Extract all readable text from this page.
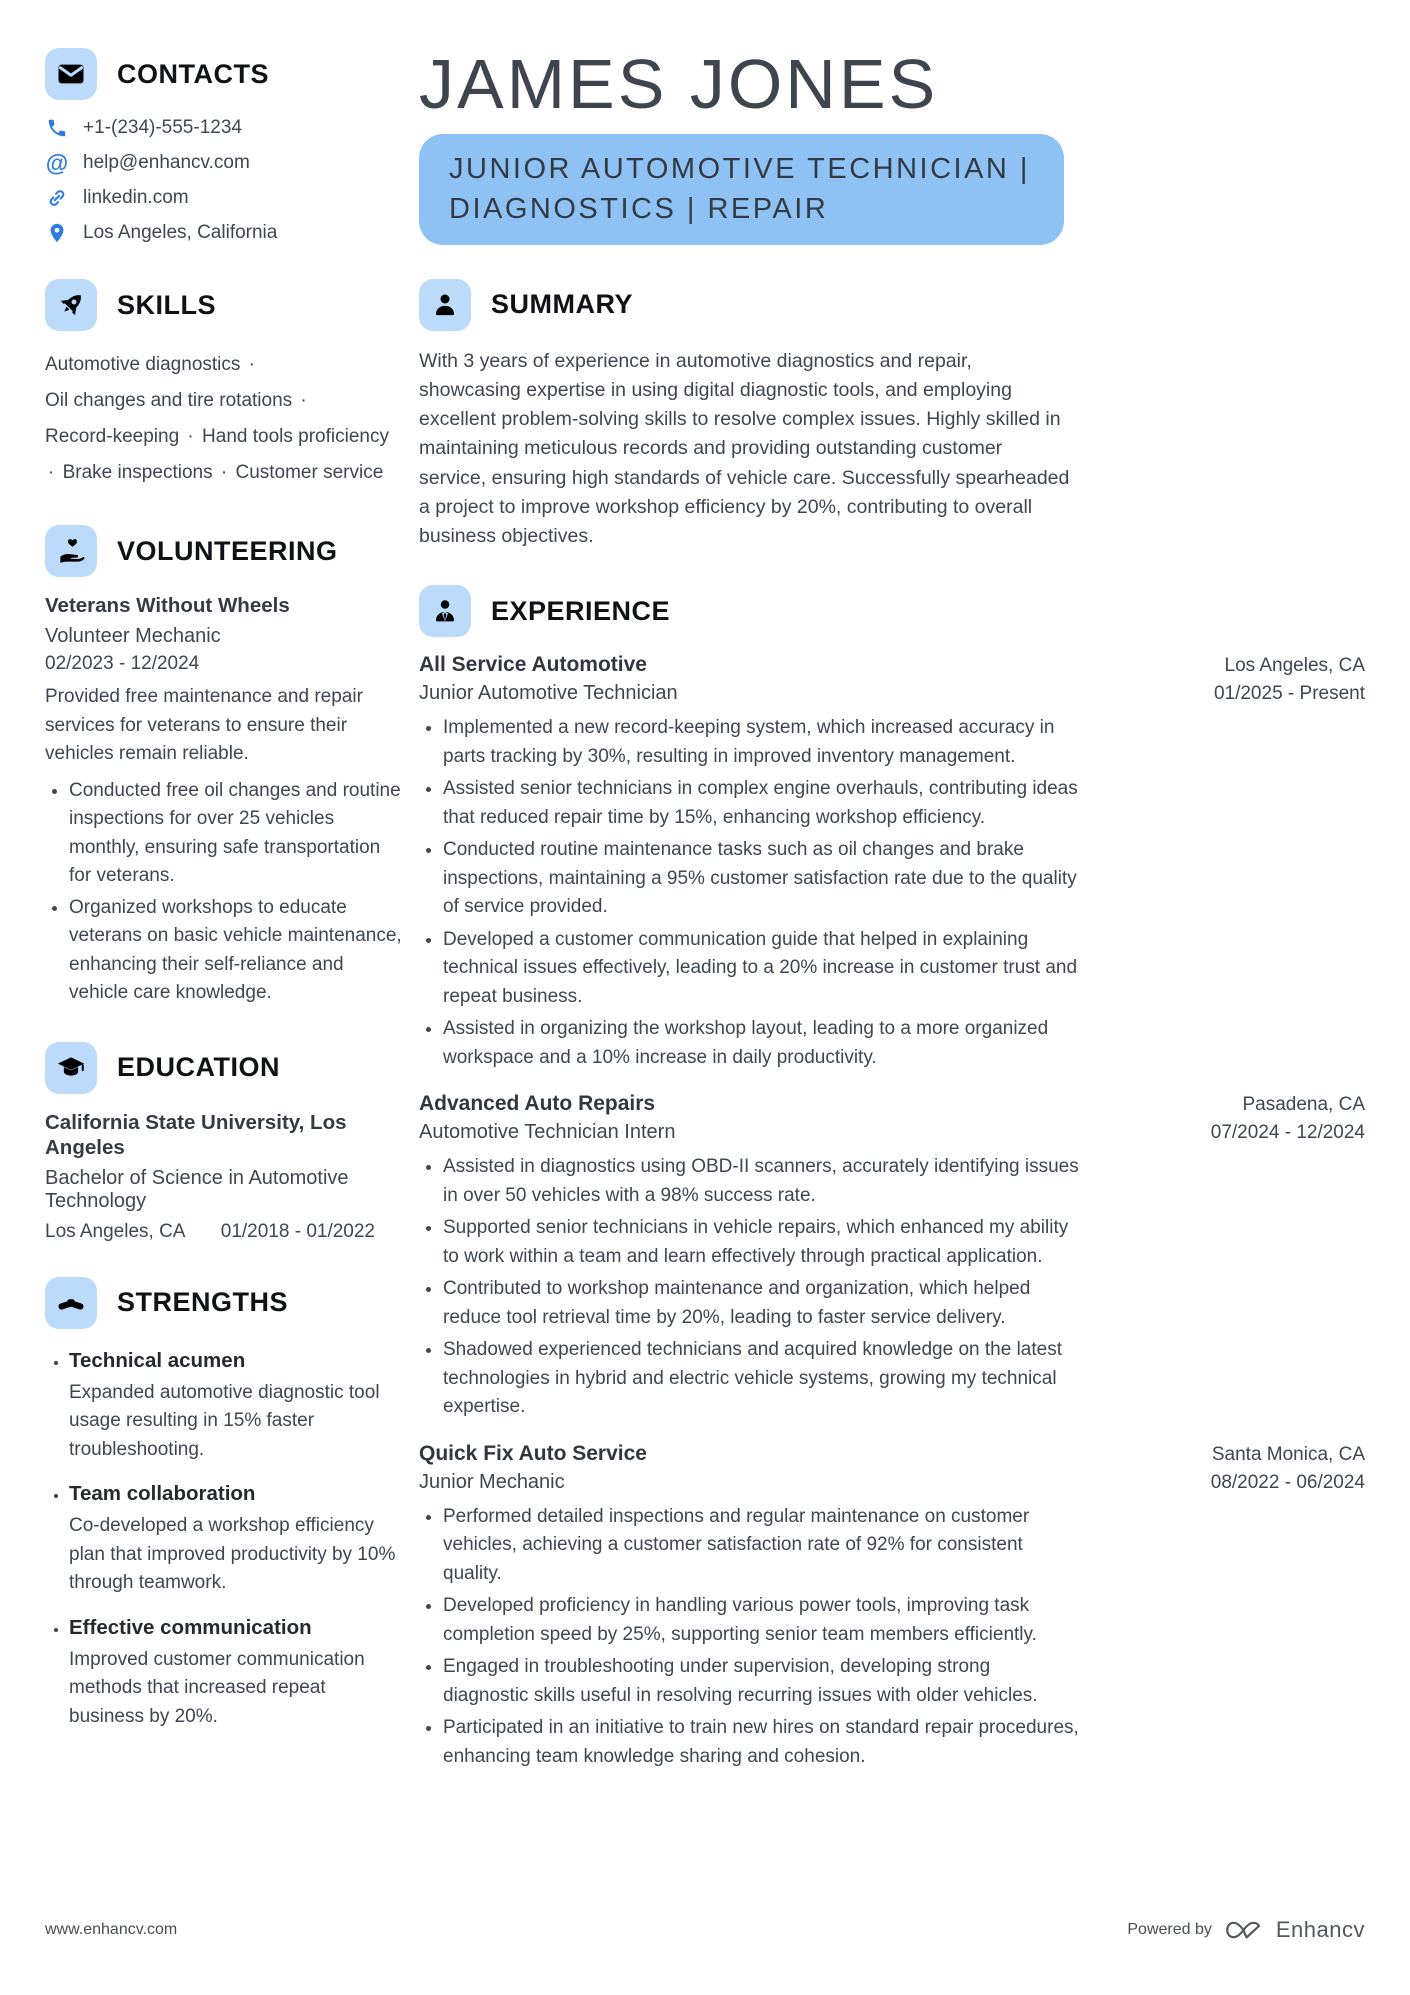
CONTACTS
+1-(234)-555-1234
@ help@enhancv.com
linkedin.com
Los Angeles, California
SKILLS
Automotive diagnostics · Oil changes and tire rotations · Record-keeping · Hand tools proficiency · Brake inspections · Customer service
VOLUNTEERING
Veterans Without Wheels
Volunteer Mechanic
02/2023 - 12/2024
Provided free maintenance and repair services for veterans to ensure their vehicles remain reliable.
• Conducted free oil changes and routine inspections for over 25 vehicles monthly, ensuring safe transportation for veterans.
• Organized workshops to educate veterans on basic vehicle maintenance, enhancing their self-reliance and vehicle care knowledge.
EDUCATION
California State University, Los Angeles
Bachelor of Science in Automotive Technology
Los Angeles, CA 01/2018 - 01/2022
STRENGTHS
• Technical acumen
Expanded automotive diagnostic tool usage resulting in 15% faster troubleshooting.
• Team collaboration
Co-developed a workshop efficiency plan that improved productivity by 10% through teamwork.
• Effective communication
Improved customer communication methods that increased repeat business by 20%.
JAMES JONES
JUNIOR AUTOMOTIVE TECHNICIAN | DIAGNOSTICS | REPAIR
SUMMARY

With 3 years of experience in automotive diagnostics and repair, showcasing expertise in using digital diagnostic tools, and employing excellent problem-solving skills to resolve complex issues. Highly skilled in maintaining meticulous records and providing outstanding customer service, ensuring high standards of vehicle care. Successfully spearheaded a project to improve workshop efficiency by 20%, contributing to overall business objectives.

EXPERIENCE
All Service Automotive	Los Angeles, CA
Junior Automotive Technician	01/2025 - Present
• Implemented a new record-keeping system, which increased accuracy in parts tracking by 30%, resulting in improved inventory management.
• Assisted senior technicians in complex engine overhauls, contributing ideas that reduced repair time by 15%, enhancing workshop efficiency.
• Conducted routine maintenance tasks such as oil changes and brake inspections, maintaining a 95% customer satisfaction rate due to the quality of service provided.
• Developed a customer communication guide that helped in explaining technical issues effectively, leading to a 20% increase in customer trust and repeat business.
• Assisted in organizing the workshop layout, leading to a more organized workspace and a 10% increase in daily productivity.
Advanced Auto Repairs	Pasadena, CA
Automotive Technician Intern	07/2024 - 12/2024
• Assisted in diagnostics using OBD-II scanners, accurately identifying issues in over 50 vehicles with a 98% success rate.
• Supported senior technicians in vehicle repairs, which enhanced my ability to work within a team and learn effectively through practical application.
• Contributed to workshop maintenance and organization, which helped reduce tool retrieval time by 20%, leading to faster service delivery.
• Shadowed experienced technicians and acquired knowledge on the latest technologies in hybrid and electric vehicle systems, growing my technical expertise.
Quick Fix Auto Service	Santa Monica, CA
Junior Mechanic	08/2022 - 06/2024
• Performed detailed inspections and regular maintenance on customer vehicles, achieving a customer satisfaction rate of 92% for consistent quality.
• Developed proficiency in handling various power tools, improving task completion speed by 25%, supporting senior team members efficiently.
• Engaged in troubleshooting under supervision, developing strong diagnostic skills useful in resolving recurring issues with older vehicles.
• Participated in an initiative to train new hires on standard repair procedures, enhancing team knowledge sharing and cohesion.
www.enhancv.com	Powered by	Enhancv
